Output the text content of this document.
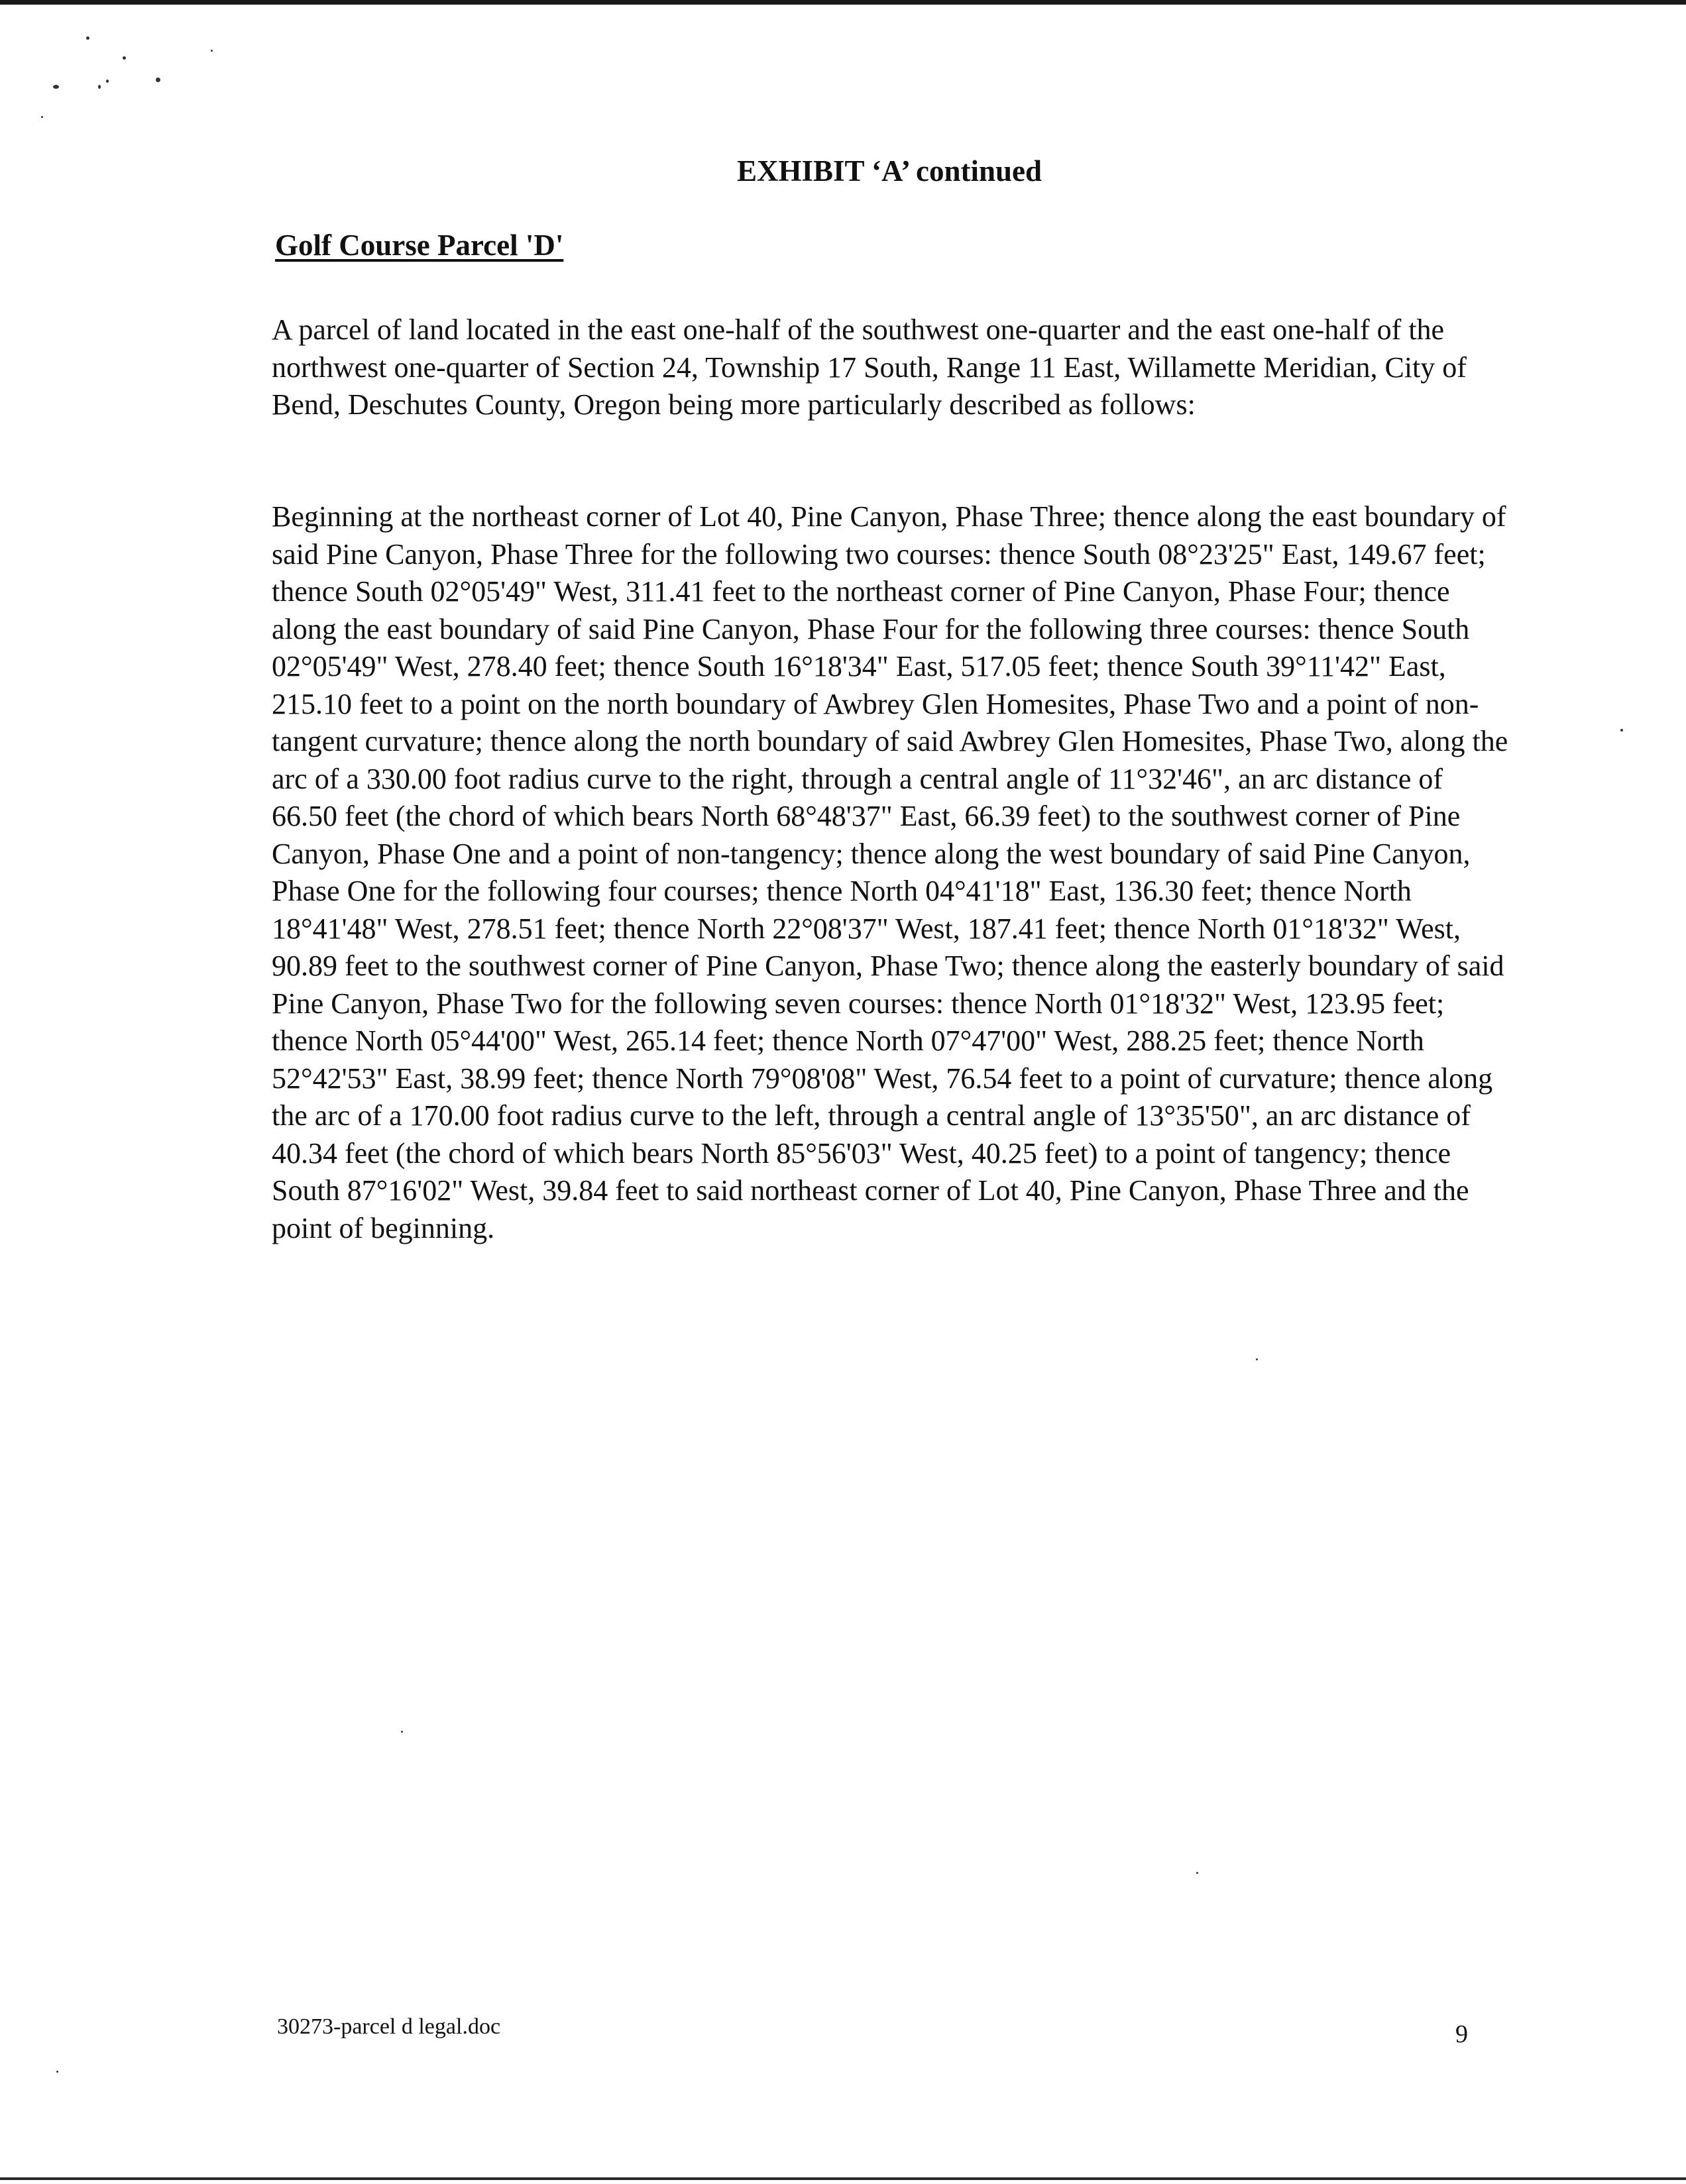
EXHIBIT ‘A’ continued
Golf Course Parcel 'D'

A parcel of land located in the east one-half of the southwest one-quarter and the east one-half of the northwest one-quarter of Section 24, Township 17 South, Range 11 East, Willamette Meridian, City of Bend, Deschutes County, Oregon being more particularly described as follows:

Beginning at the northeast corner of Lot 40, Pine Canyon, Phase Three; thence along the east boundary of said Pine Canyon, Phase Three for the following two courses: thence South 08°23'25" East, 149.67 feet; thence South 02°05'49" West, 311.41 feet to the northeast corner of Pine Canyon, Phase Four; thence along the east boundary of said Pine Canyon, Phase Four for the following three courses: thence South 02°05'49" West, 278.40 feet; thence South 16°18'34" East, 517.05 feet; thence South 39°11'42" East, 215.10 feet to a point on the north boundary of Awbrey Glen Homesites, Phase Two and a point of non-tangent curvature; thence along the north boundary of said Awbrey Glen Homesites, Phase Two, along the arc of a 330.00 foot radius curve to the right, through a central angle of 11°32'46", an arc distance of 66.50 feet (the chord of which bears North 68°48'37" East, 66.39 feet) to the southwest corner of Pine Canyon, Phase One and a point of non-tangency; thence along the west boundary of said Pine Canyon, Phase One for the following four courses; thence North 04°41'18" East, 136.30 feet; thence North 18°41'48" West, 278.51 feet; thence North 22°08'37" West, 187.41 feet; thence North 01°18'32" West, 90.89 feet to the southwest corner of Pine Canyon, Phase Two; thence along the easterly boundary of said Pine Canyon, Phase Two for the following seven courses: thence North 01°18'32" West, 123.95 feet; thence North 05°44'00" West, 265.14 feet; thence North 07°47'00" West, 288.25 feet; thence North 52°42'53" East, 38.99 feet; thence North 79°08'08" West, 76.54 feet to a point of curvature; thence along the arc of a 170.00 foot radius curve to the left, through a central angle of 13°35'50", an arc distance of 40.34 feet (the chord of which bears North 85°56'03" West, 40.25 feet) to a point of tangency; thence South 87°16'02" West, 39.84 feet to said northeast corner of Lot 40, Pine Canyon, Phase Three and the point of beginning.

30273-parcel d legal.doc	9
